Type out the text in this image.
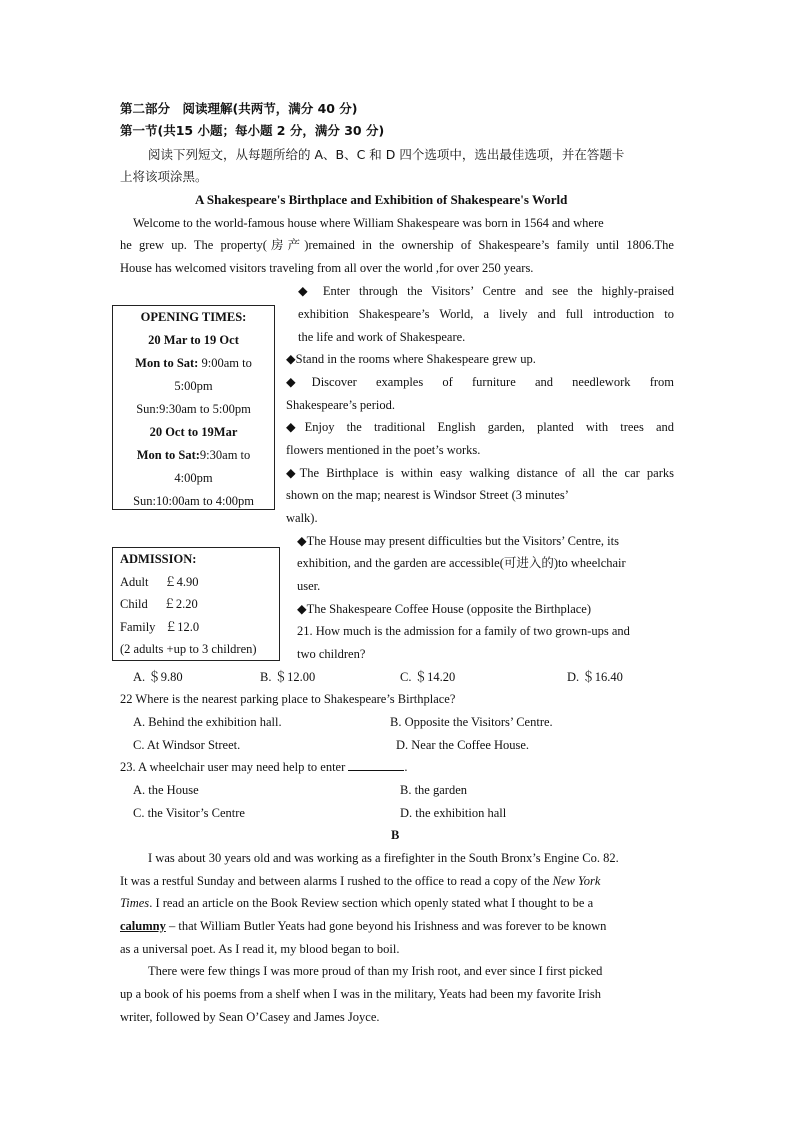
第二部分　阅读理解(共两节，满分 40 分)
第一节(共15 小题；每小题 2 分，满分 30 分)
阅读下列短文，从每题所给的 A、B、C 和 D 四个选项中，选出最佳选项，并在答题卡
上将该项涂黑。
A Shakespeare's Birthplace and Exhibition of Shakespeare's World
Welcome to the world-famous house where William Shakespeare was born in 1564 and where
he grew up. The property(房产)remained in the ownership of Shakespeare’s family until 1806.The
House has welcomed visitors traveling from all over the world ,for over 250 years.
OPENING TIMES:
20 Mar to 19 Oct
Mon to Sat: 9:00am to
5:00pm
Sun:9:30am to 5:00pm
20 Oct to 19Mar
Mon to Sat:9:30am to
4:00pm
Sun:10:00am to 4:00pm
ADMISSION:
Adult     ￡4.90
Child     ￡2.20
Family   ￡12.0
(2 adults +up to 3 children)
◆ Enter through the Visitors’ Centre and see the highly-praised
exhibition Shakespeare’s World, a lively and full introduction to
the life and work of Shakespeare.
◆Stand in the rooms where Shakespeare grew up.
◆Discover examples of furniture and needlework from
Shakespeare’s period.
◆Enjoy the traditional English garden, planted with trees and
flowers mentioned in the poet’s works.
◆The Birthplace is within easy walking distance of all the car parks
shown on the map; nearest is Windsor Street (3 minutes’
walk).
◆The House may present difficulties but the Visitors’ Centre, its
exhibition, and the garden are accessible(可进入的)to wheelchair
user.
◆The Shakespeare Coffee House (opposite the Birthplace)
21. How much is the admission for a family of two grown-ups and
two children?
A. ＄9.80	B. ＄12.00	C. ＄14.20	D. ＄16.40
22 Where is the nearest parking place to Shakespeare’s Birthplace?
A. Behind the exhibition hall.	B. Opposite the Visitors’ Centre.
C. At Windsor Street.	D. Near the Coffee House.
23. A wheelchair user may need help to enter	.
A. the House	B. the garden
C. the Visitor’s Centre	D. the exhibition hall
B
I was about 30 years old and was working as a firefighter in the South Bronx’s Engine Co. 82.
It was a restful Sunday and between alarms I rushed to the office to read a copy of the New York
Times. I read an article on the Book Review section which openly stated what I thought to be a
calumny – that William Butler Yeats had gone beyond his Irishness and was forever to be known
as a universal poet. As I read it, my blood began to boil.
There were few things I was more proud of than my Irish root, and ever since I first picked
up a book of his poems from a shelf when I was in the military, Yeats had been my favorite Irish
writer, followed by Sean O’Casey and James Joyce.
